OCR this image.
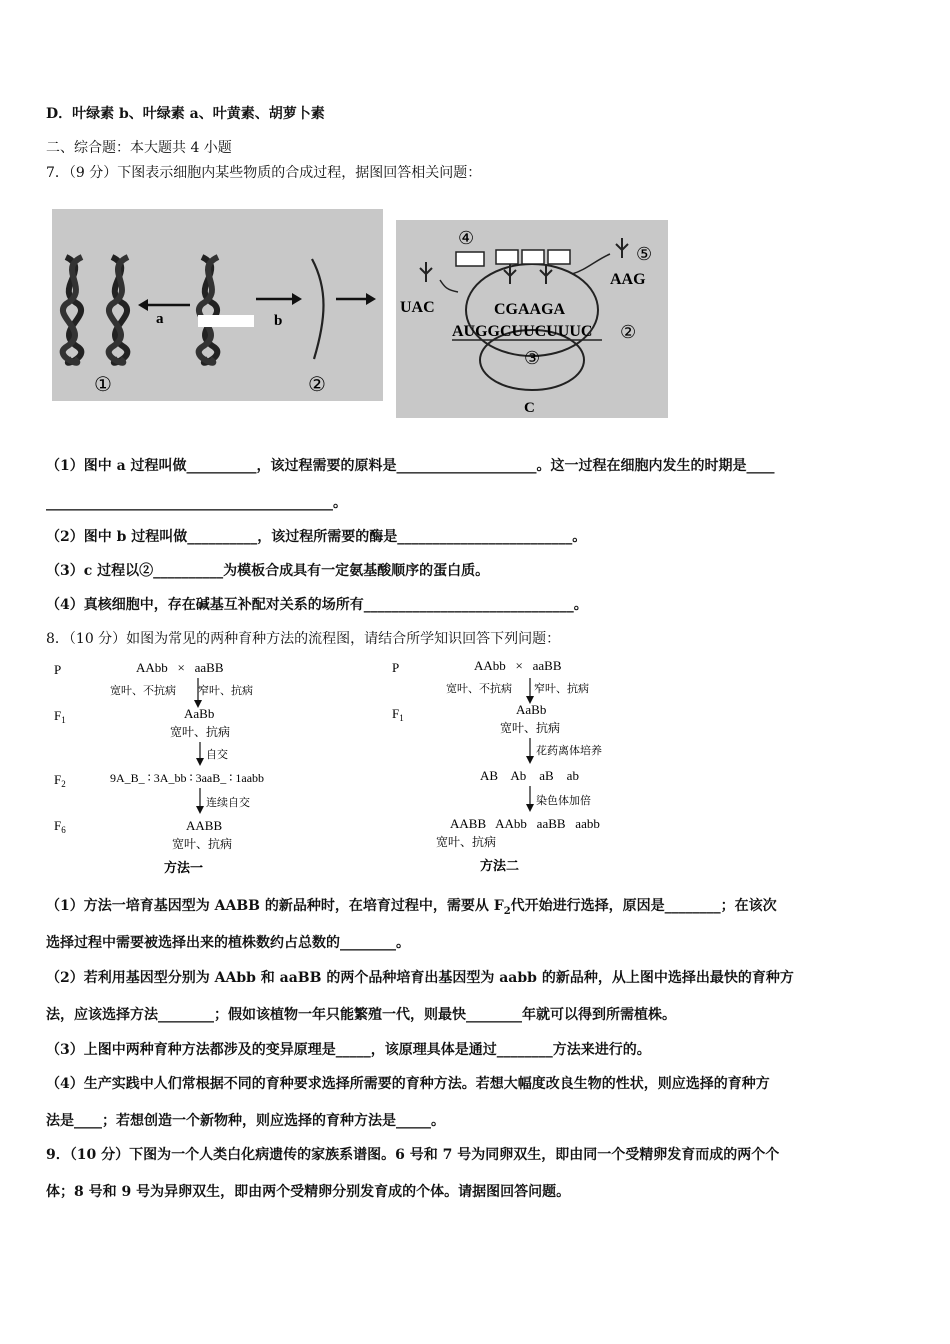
D．叶绿素 b、叶绿素 a、叶黄素、胡萝卜素
二、综合题：本大题共 4 小题
7．（9 分）下图表示细胞内某些物质的合成过程，据图回答相关问题：
a	b
①	②
④
UAC
⑤
AAG
CGAAGA
AUGGCUUCUUUC ②
③
C
（1）图中 a 过程叫做__________，该过程需要的原料是____________________。这一过程在细胞内发生的时期是____
_________________________________________。
（2）图中 b 过程叫做__________，该过程所需要的酶是_________________________。
（3）c 过程以②__________为模板合成具有一定氨基酸顺序的蛋白质。
（4）真核细胞中，存在碱基互补配对关系的场所有______________________________。
8．（10 分）如图为常见的两种育种方法的流程图，请结合所学知识回答下列问题：
P	AAbb   ×   aaBB
宽叶、不抗病        窄叶、抗病
$F_1$	AaBb
宽叶、抗病
自交
$F_2$	9A_B_ ∶ 3A_bb ∶ 3aaB_ ∶ 1aabb
连续自交
$F_6$	AABB
宽叶、抗病
方法一
P	AAbb   ×   aaBB
宽叶、不抗病        窄叶、抗病
$F_1$
AaBb
宽叶、抗病
花药离体培养
AB    Ab    aB    ab
染色体加倍
AABB   AAbb   aaBB   aabb
宽叶、抗病
方法二
（1）方法一培育基因型为 AABB 的新品种时，在培育过程中，需要从 $F_2$代开始进行选择，原因是________；在该次
选择过程中需要被选择出来的植株数约占总数的________。
（2）若利用基因型分别为 AAbb 和 aaBB 的两个品种培育出基因型为 aabb 的新品种，从上图中选择出最快的育种方
法，应该选择方法________；假如该植物一年只能繁殖一代，则最快________年就可以得到所需植株。
（3）上图中两种育种方法都涉及的变异原理是_____，该原理具体是通过________方法来进行的。
（4）生产实践中人们常根据不同的育种要求选择所需要的育种方法。若想大幅度改良生物的性状，则应选择的育种方
法是____；若想创造一个新物种，则应选择的育种方法是_____。
9．（10 分）下图为一个人类白化病遗传的家族系谱图。6 号和 7 号为同卵双生，即由同一个受精卵发育而成的两个个
体；8 号和 9 号为异卵双生，即由两个受精卵分别发育成的个体。请据图回答问题。
